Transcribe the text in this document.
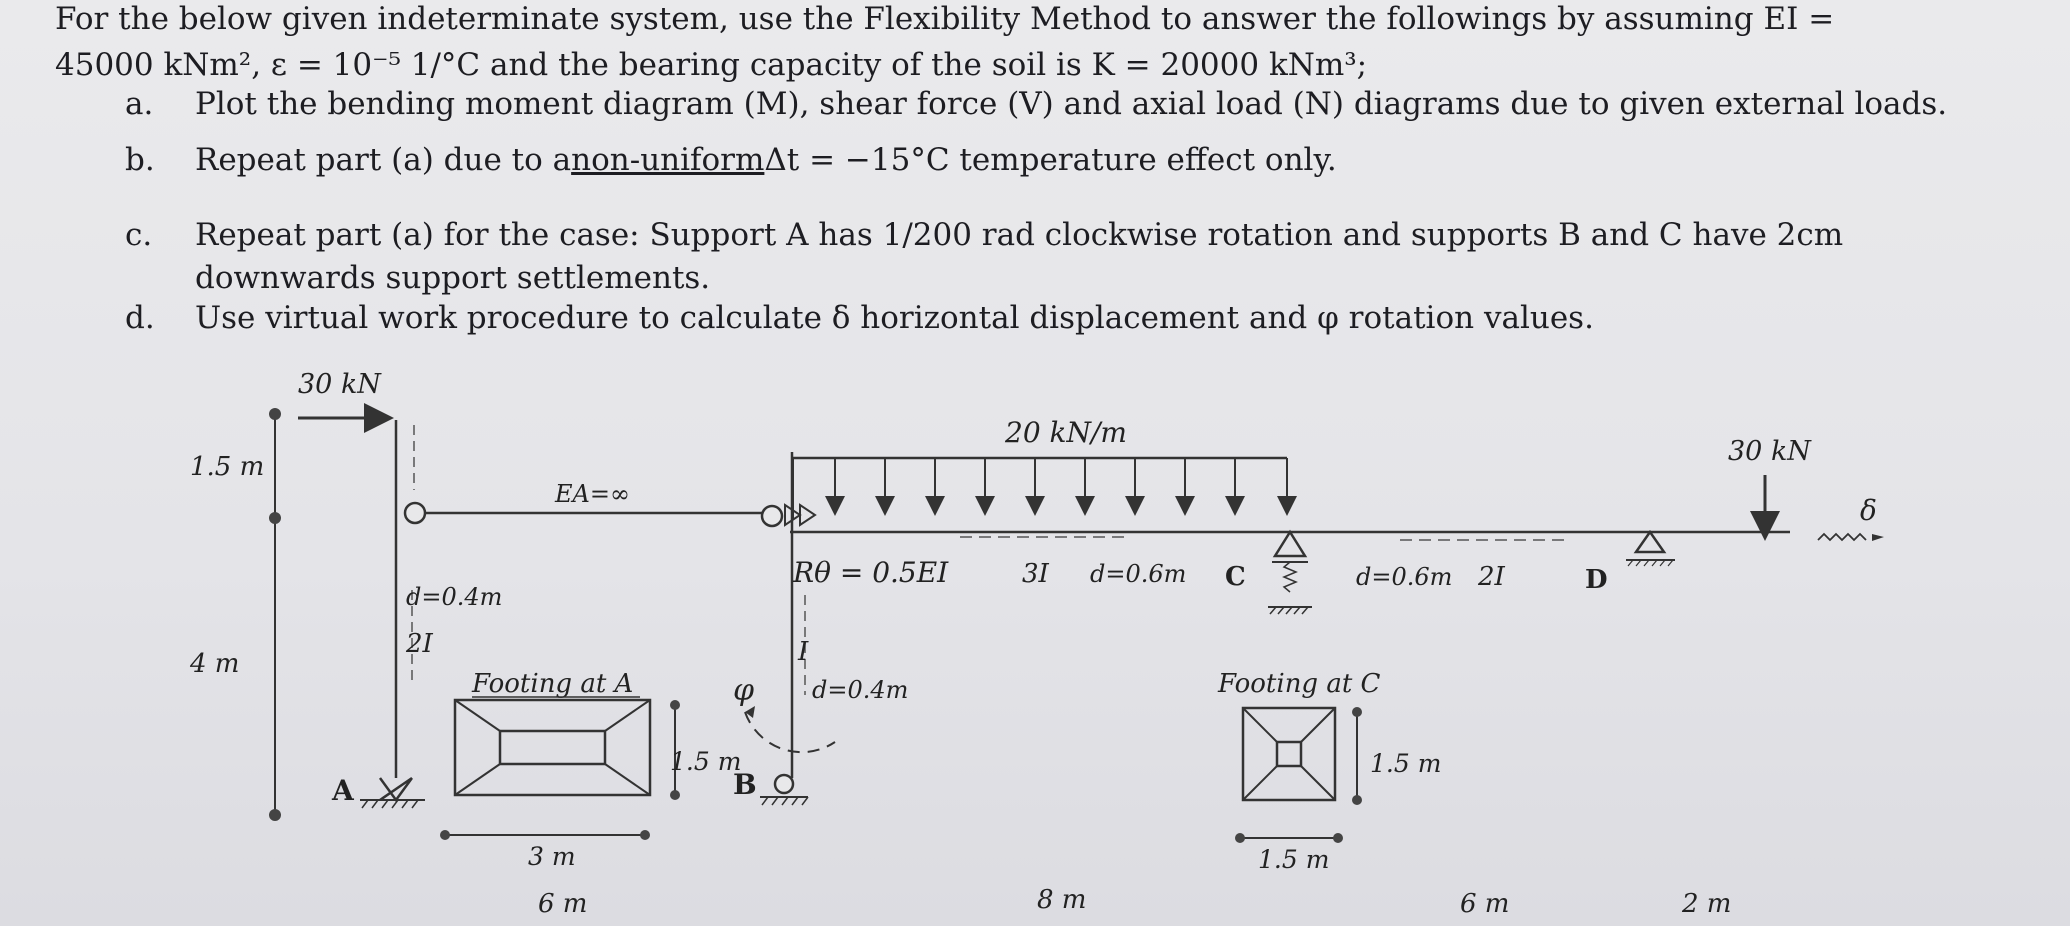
For the below given indeterminate system, use the Flexibility Method to answer the followings by assuming EI =
45000 kNm², ε = 10⁻⁵ 1/°C and the bearing capacity of the soil is K = 20000 kNm³;
a. Plot the bending moment diagram (M), shear force (V) and axial load (N) diagrams due to given external loads.
b. Repeat part (a) due to anon-uniformΔt = −15°C temperature effect only.
c. Repeat part (a) for the case: Support A has 1/200 rad clockwise rotation and supports B and C have 2cm
downwards support settlements.
d. Use virtual work procedure to calculate δ horizontal displacement and φ rotation values.
1.5 m
4 m
30 kN
d=0.4m
2I
EA=∞
A
Footing at A
3 m
1.5 m
I
d=0.4m
B
φ
Rθ = 0.5EI	3I d=0.6m	d=0.6m 2I
20 kN/m
C	D
30 kN
δ
Footing at C
1.5 m
1.5 m
6 m	8 m	6 m	2 m
